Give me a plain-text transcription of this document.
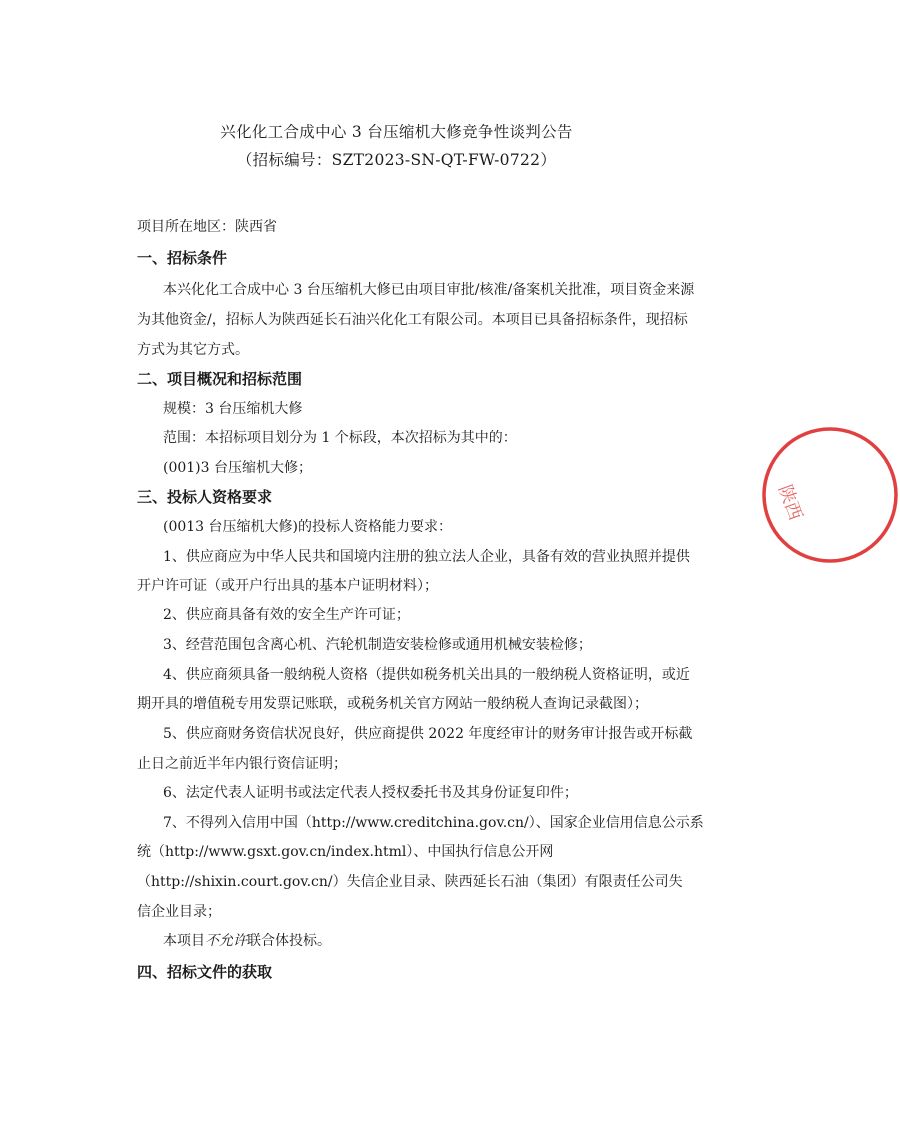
兴化化工合成中心 3 台压缩机大修竞争性谈判公告
（招标编号：SZT2023-SN-QT-FW-0722）
项目所在地区：陕西省
一、招标条件
本兴化化工合成中心 3 台压缩机大修已由项目审批/核准/备案机关批准，项目资金来源
为其他资金/，招标人为陕西延长石油兴化化工有限公司。本项目已具备招标条件，现招标
方式为其它方式。
二、项目概况和招标范围
规模：3 台压缩机大修
范围：本招标项目划分为 1 个标段，本次招标为其中的：
(001)3 台压缩机大修；
三、投标人资格要求
(0013 台压缩机大修)的投标人资格能力要求：
1、供应商应为中华人民共和国境内注册的独立法人企业，具备有效的营业执照并提供
开户许可证（或开户行出具的基本户证明材料）；
2、供应商具备有效的安全生产许可证；
3、经营范围包含离心机、汽轮机制造安装检修或通用机械安装检修；
4、供应商须具备一般纳税人资格（提供如税务机关出具的一般纳税人资格证明，或近
期开具的增值税专用发票记账联，或税务机关官方网站一般纳税人查询记录截图）；
5、供应商财务资信状况良好，供应商提供 2022 年度经审计的财务审计报告或开标截
止日之前近半年内银行资信证明；
6、法定代表人证明书或法定代表人授权委托书及其身份证复印件；
7、不得列入信用中国（http://www.creditchina.gov.cn/）、国家企业信用信息公示系
统（http://www.gsxt.gov.cn/index.html）、中国执行信息公开网
（http://shixin.court.gov.cn/）失信企业目录、陕西延长石油（集团）有限责任公司失
信企业目录；
本项目不允许联合体投标。
四、招标文件的获取
陕西
